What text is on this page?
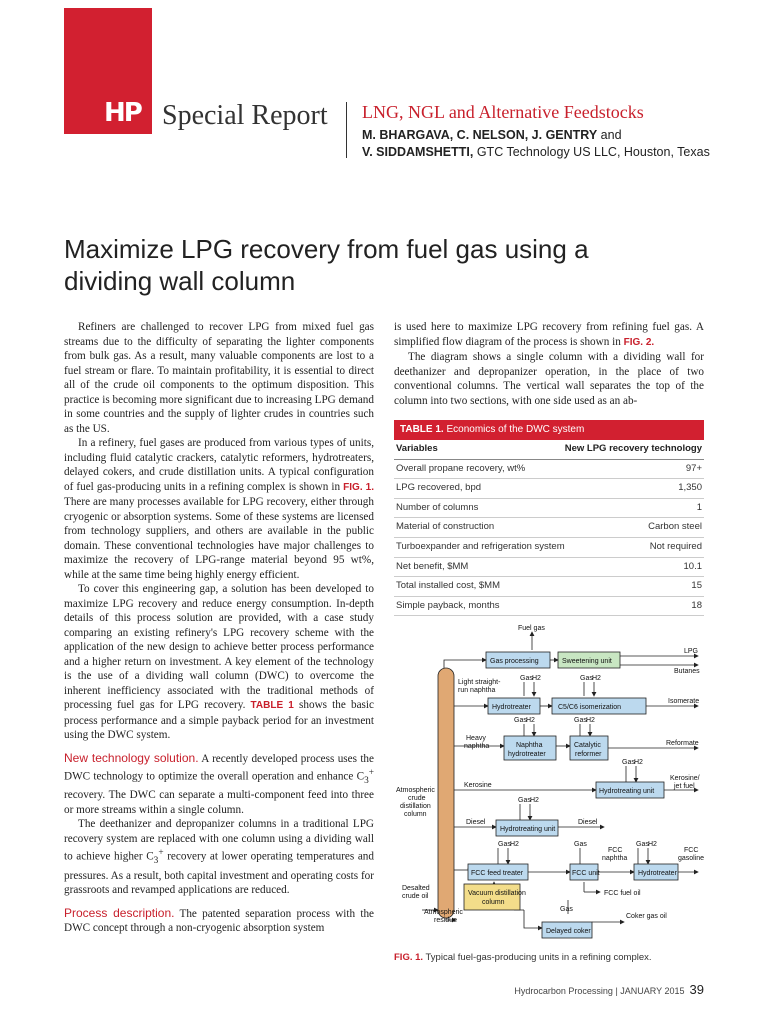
HP Special Report LNG, NGL and Alternative Feedstocks
M. BHARGAVA, C. NELSON, J. GENTRY and
V. SIDDAMSHETTI, GTC Technology US LLC, Houston, Texas
Maximize LPG recovery from fuel gas using a dividing wall column

Refiners are challenged to recover LPG from mixed fuel gas streams due to the difficulty of separating the lighter components from bulk gas. As a result, many valuable components are lost to a fuel stream or flare. To maintain profitability, it is essential to direct all of the crude oil components to the optimum disposition. This practice is becoming more significant due to increasing LPG demand in some countries and the supply of lighter crudes in countries such as the US.

In a refinery, fuel gases are produced from various types of units, including fluid catalytic crackers, catalytic reformers, hydrotreaters, delayed cokers, and crude distillation units. A typical configuration of fuel gas-producing units in a refining complex is shown in FIG. 1. There are many processes available for LPG recovery, either through cryogenic or absorption systems. Some of these systems are licensed from technology suppliers, and others are available in the public domain. These conventional technologies have major challenges to maximize the recovery of LPG-range material beyond 95 wt%, while at the same time being highly energy efficient.

To cover this engineering gap, a solution has been developed to maximize LPG recovery and reduce energy consumption. In-depth details of this process solution are provided, with a case study comparing an existing refinery's LPG recovery scheme with the application of the new design to achieve better process performance and a higher return on investment. A key element of the technology is the use of a dividing wall column (DWC) to overcome the inherent inefficiency associated with the traditional methods of processing fuel gas for LPG recovery. TABLE 1 shows the basic process performance and a simple payback period for an investment using the DWC system.

New technology solution. A recently developed process uses the DWC technology to optimize the overall operation and enhance $C_3^+$ recovery. The DWC can separate a multi-component feed into three or more streams within a single column.

The deethanizer and depropanizer columns in a traditional LPG recovery system are replaced with one column using a dividing wall to achieve higher $C_3^+$ recovery at lower operating temperatures and pressures. As a result, both capital investment and operating costs for grassroots and revamped applications are reduced.

Process description. The patented separation process with the DWC concept through a non-cryogenic absorption system

is used here to maximize LPG recovery from refining fuel gas. A simplified flow diagram of the process is shown in FIG. 2.

The diagram shows a single column with a dividing wall for deethanizer and depropanizer operation, in the place of two conventional columns. The vertical wall separates the top of the column into two sections, with one side used as an ab-

TABLE 1. Economics of the DWC system
Variables	New LPG recovery technology
Overall propane recovery, wt%	97+
LPG recovered, bpd	1,350
Number of columns	1
Material of construction	Carbon steel
Turboexpander and refrigeration system	Not required
Net benefit, $MM	10.1
Total installed cost, $MM	15
Simple payback, months	18
Fuel gas
Gas processing	Sweetening unit
LPG
Butanes
Light straight-
run naphtha
Gas H2	Gas H2
Hydrotreater	C5/C6 isomerization
Isomerate
Heavy
naphtha
Gas H2	Gas H2
Naphtha
hydrotreater
Catalytic
reformer
Reformate
Gas H2
Kerosine
Kerosine/
jet fuel
Hydrotreating unit
Atmospheric
crude
distillation
column
Gas H2
Diesel	Diesel
Hydrotreating unit
Gas H2	Gas
FCC
naphtha
Gas H2
FCC
gasoline
FCC feed treater	FCC unit	Hydrotreater
FCC fuel oil
Desalted
crude oil	Vacuum distillation
column
Atmospheric
residue
Gas
Delayed coker
Coker gas oil
FIG. 1. Typical fuel-gas-producing units in a refining complex.
Hydrocarbon Processing | JANUARY 2015 39
